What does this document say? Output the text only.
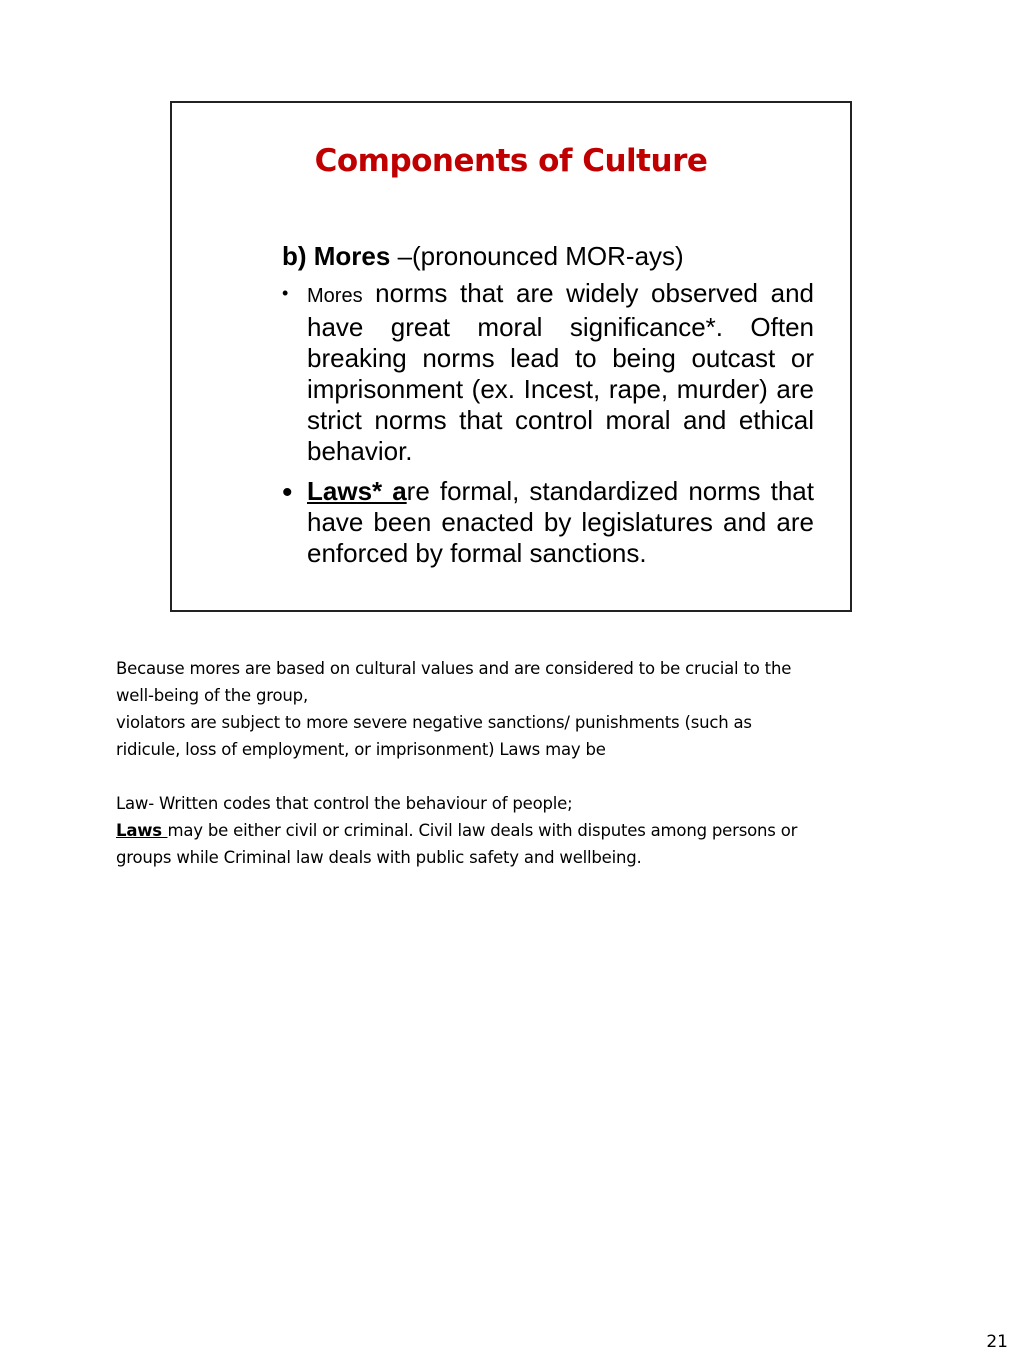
Components of Culture

b) Mores –(pronounced MOR-ays)

• Mores norms that are widely observed and have great moral significance*. Often breaking norms lead to being outcast or imprisonment (ex. Incest, rape, murder) are strict norms that control moral and ethical behavior.

• Laws* are formal, standardized norms that have been enacted by legislatures and are enforced by formal sanctions.

Because mores are based on cultural values and are considered to be crucial to the

well-being of the group,

violators are subject to more severe negative sanctions/ punishments (such as

ridicule, loss of employment, or imprisonment) Laws may be

Law- Written codes that control the behaviour of people;

Laws may be either civil or criminal. Civil law deals with disputes among persons or

groups while Criminal law deals with public safety and wellbeing.

21
